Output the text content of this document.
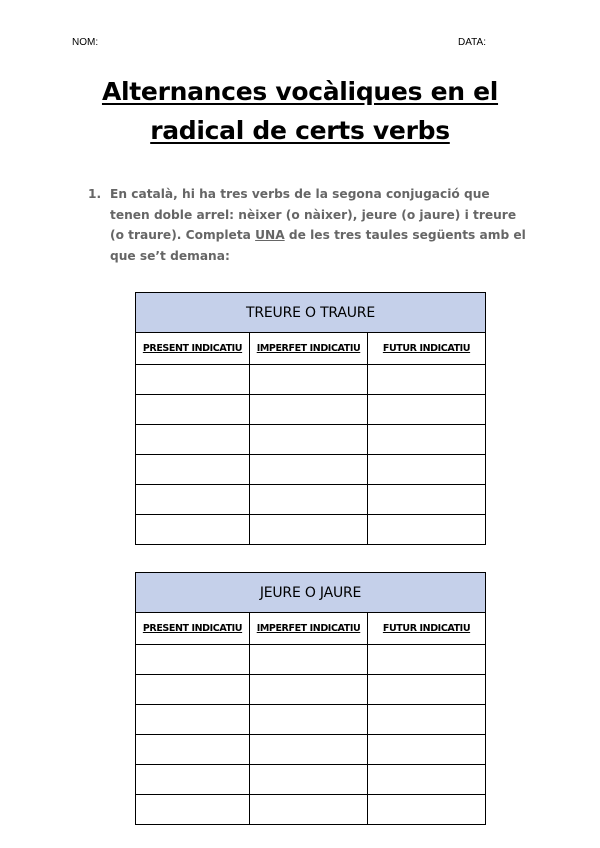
NOM:	DATA:
Alternances vocàliques en el
radical de certs verbs
1. En català, hi ha tres verbs de la segona conjugació que tenen doble arrel: nèixer (o nàixer), jeure (o jaure) i treure (o traure). Completa UNA de les tres taules següents amb el que se’t demana:
TREURE O TRAURE		
PRESENT INDICATIU	IMPERFET INDICATIU	FUTUR INDICATIU

JEURE O JAURE		
PRESENT INDICATIU	IMPERFET INDICATIU	FUTUR INDICATIU
